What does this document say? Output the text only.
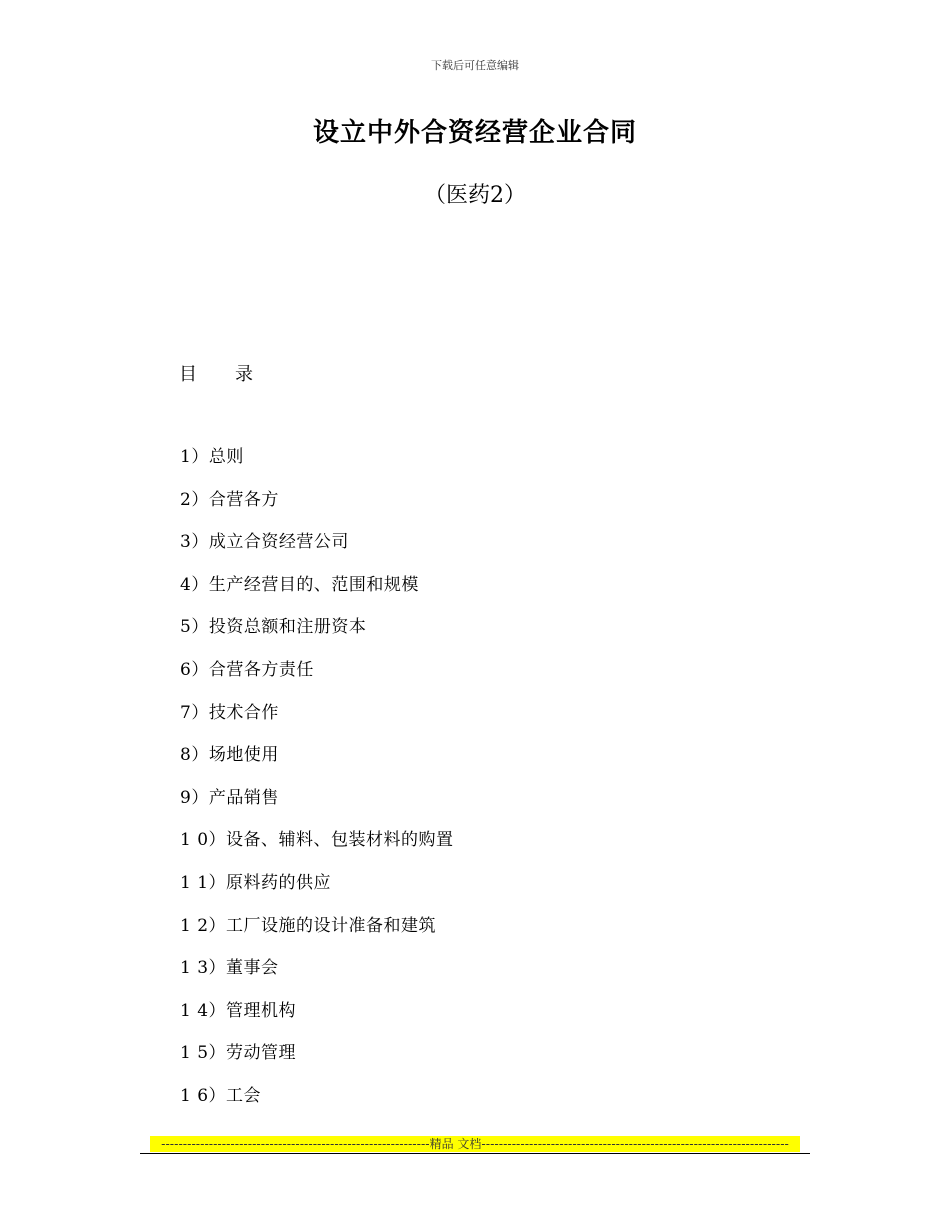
下载后可任意编辑
设立中外合资经营企业合同
（医药2）
目 录
1）总则
2）合营各方
3）成立合资经营公司
4）生产经营目的、范围和规模
5）投资总额和注册资本
6）合营各方责任
7）技术合作
8）场地使用
9）产品销售
1 0）设备、辅料、包装材料的购置
1 1）原料药的供应
1 2）工厂设施的设计准备和建筑
1 3）董事会
1 4）管理机构
1 5）劳动管理
1 6）工会
--------------------------------------------------------------精品 文档-----------------------------------------------------------------------
